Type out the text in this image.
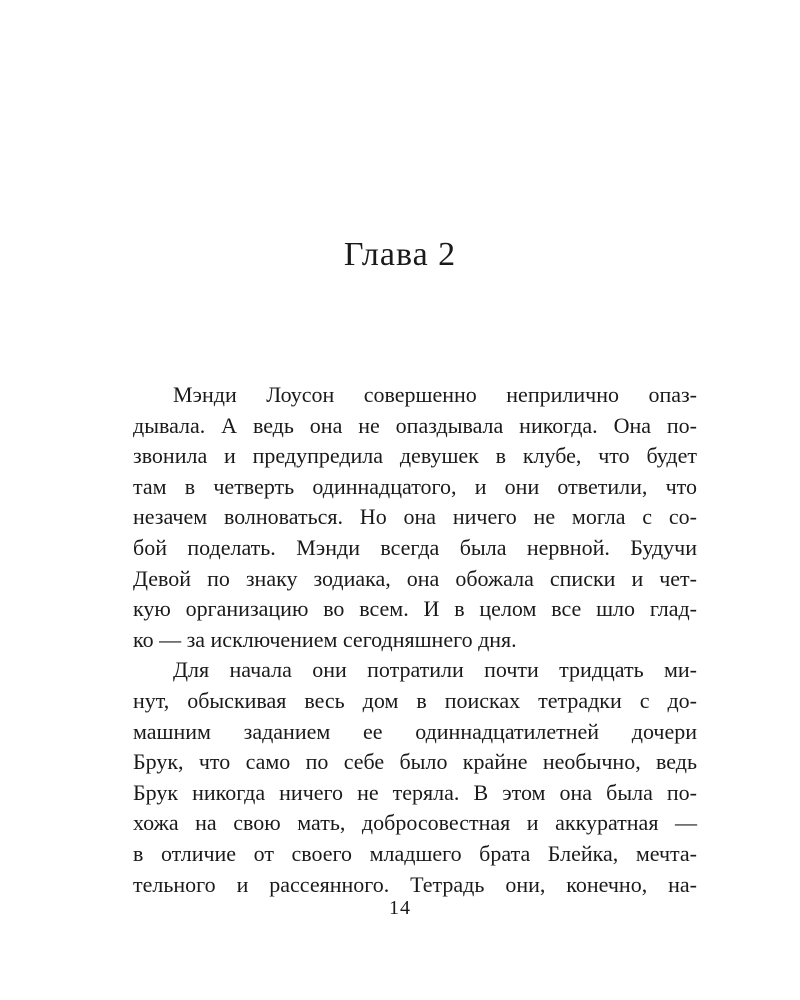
Глава 2
Мэнди Лоусон совершенно неприлично опаз-
дывала. А ведь она не опаздывала никогда. Она по-
звонила и предупредила девушек в клубе, что будет
там в четверть одиннадцатого, и они ответили, что
незачем волноваться. Но она ничего не могла с со-
бой поделать. Мэнди всегда была нервной. Будучи
Девой по знаку зодиака, она обожала списки и чет-
кую организацию во всем. И в целом все шло глад-
ко — за исключением сегодняшнего дня.
Для начала они потратили почти тридцать ми-
нут, обыскивая весь дом в поисках тетрадки с до-
машним заданием ее одиннадцатилетней дочери
Брук, что само по себе было крайне необычно, ведь
Брук никогда ничего не теряла. В этом она была по-
хожа на свою мать, добросовестная и аккуратная —
в отличие от своего младшего брата Блейка, мечта-
тельного и рассеянного. Тетрадь они, конечно, на-
14
